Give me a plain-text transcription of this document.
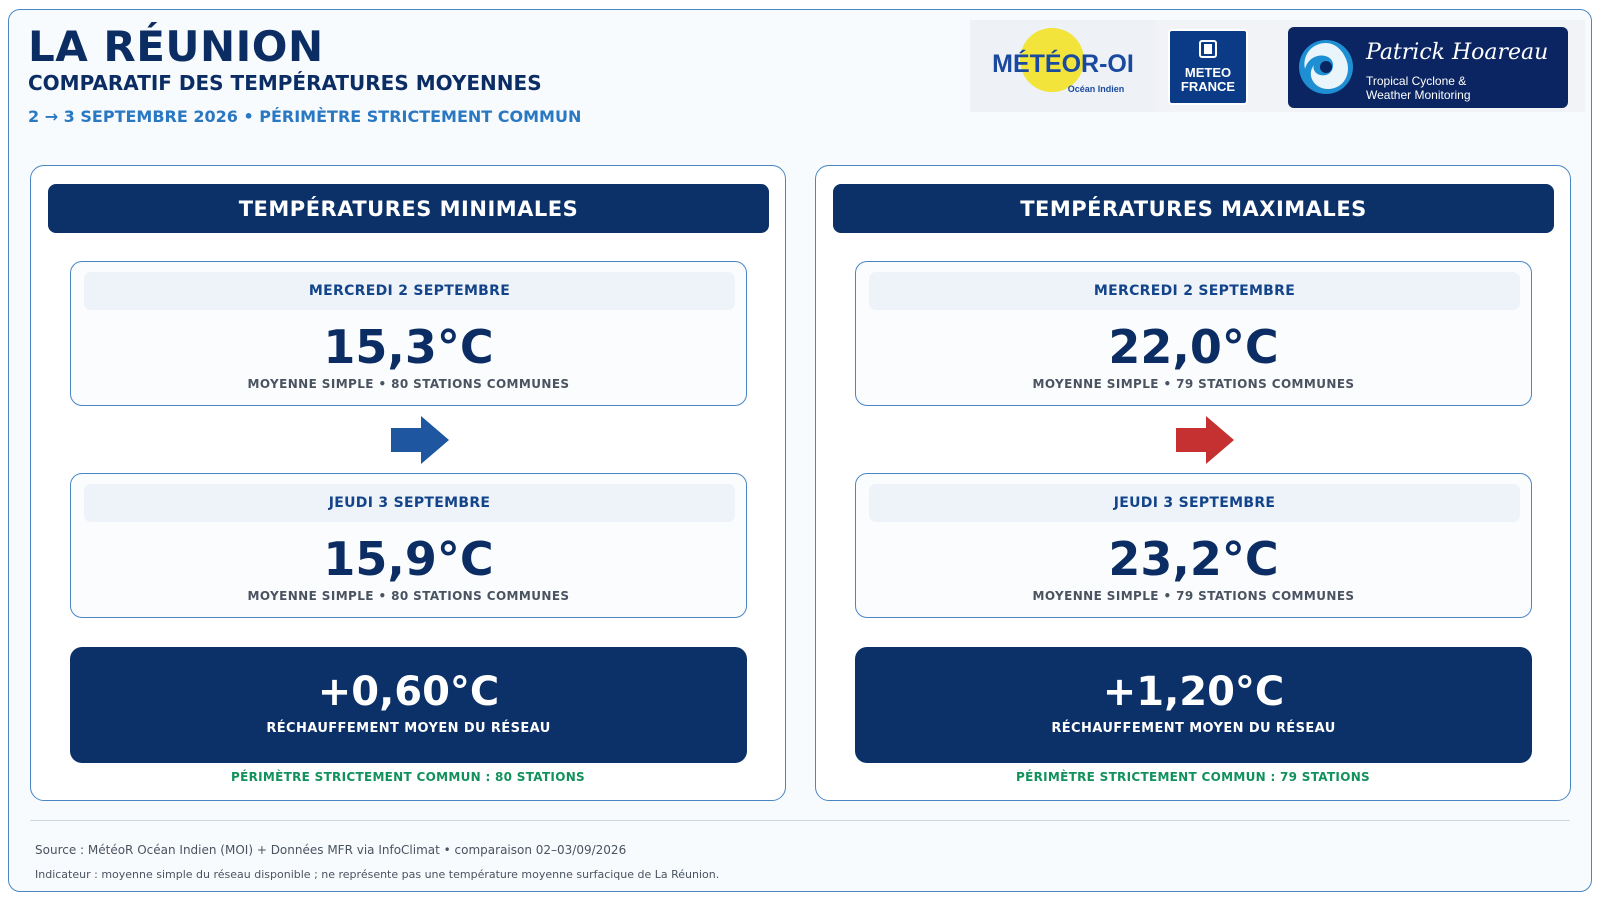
LA RÉUNION
COMPARATIF DES TEMPÉRATURES MOYENNES
2 → 3 SEPTEMBRE 2026 • PÉRIMÈTRE STRICTEMENT COMMUN
MÉTÉOR-OI
Océan Indien
METEO
FRANCE
Patrick Hoareau
Tropical Cyclone &
Weather Monitoring
TEMPÉRATURES MINIMALES
MERCREDI 2 SEPTEMBRE
15,3°C
MOYENNE SIMPLE • 80 STATIONS COMMUNES
JEUDI 3 SEPTEMBRE
15,9°C
MOYENNE SIMPLE • 80 STATIONS COMMUNES
+0,60°C
RÉCHAUFFEMENT MOYEN DU RÉSEAU
PÉRIMÈTRE STRICTEMENT COMMUN : 80 STATIONS
TEMPÉRATURES MAXIMALES
MERCREDI 2 SEPTEMBRE
22,0°C
MOYENNE SIMPLE • 79 STATIONS COMMUNES
JEUDI 3 SEPTEMBRE
23,2°C
MOYENNE SIMPLE • 79 STATIONS COMMUNES
+1,20°C
RÉCHAUFFEMENT MOYEN DU RÉSEAU
PÉRIMÈTRE STRICTEMENT COMMUN : 79 STATIONS
Source : MétéoR Océan Indien (MOI) + Données MFR via InfoClimat • comparaison 02–03/09/2026
Indicateur : moyenne simple du réseau disponible ; ne représente pas une température moyenne surfacique de La Réunion.
